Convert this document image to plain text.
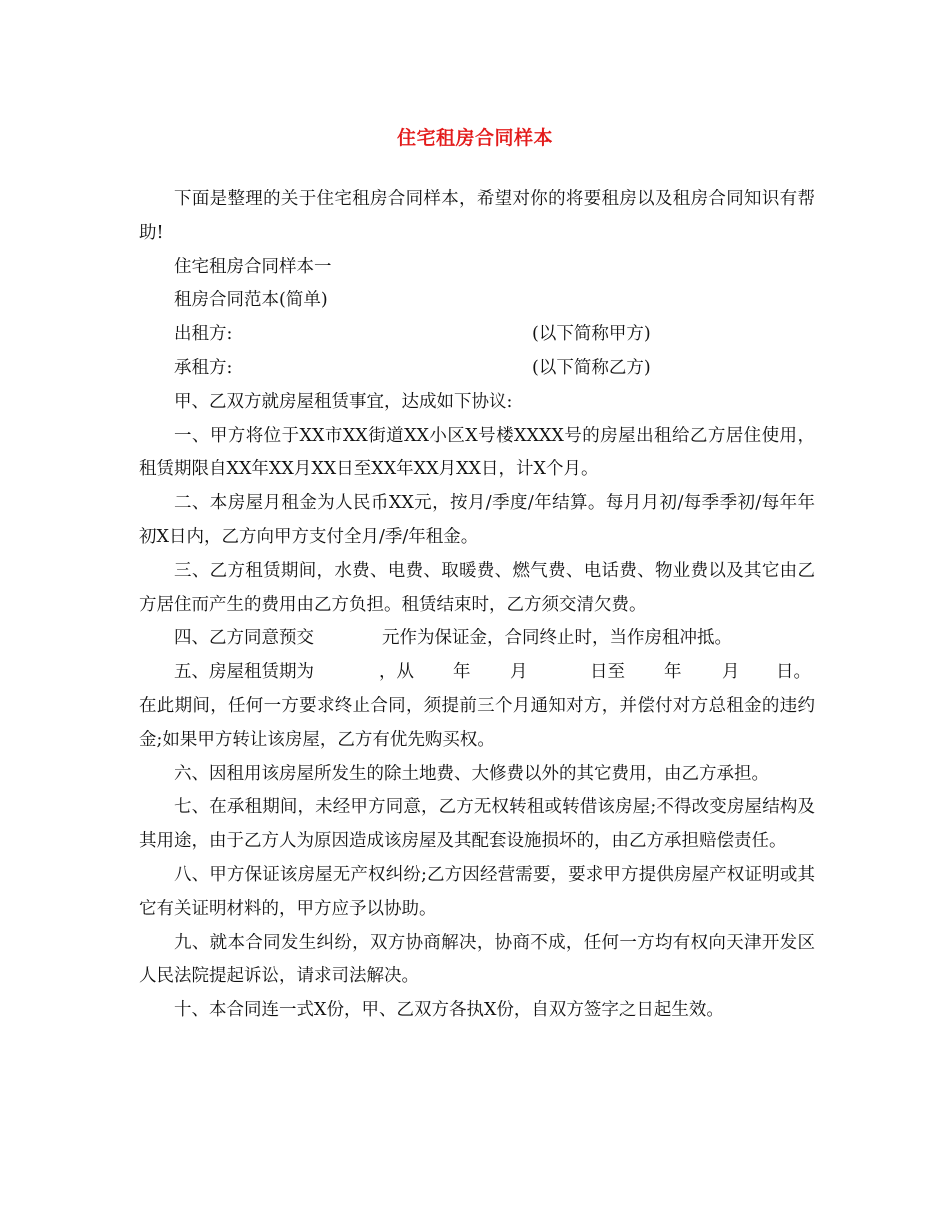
住宅租房合同样本

下面是整理的关于住宅租房合同样本，希望对你的将要租房以及租房合同知识有帮助!

住宅租房合同样本一

租房合同范本(简单)

出租方:	(以下简称甲方)
承租方:	(以下简称乙方)

甲、乙双方就房屋租赁事宜，达成如下协议:

一、甲方将位于XX市XX街道XX小区X号楼XXXX号的房屋出租给乙方居住使用，租赁期限自XX年XX月XX日至XX年XX月XX日，计X个月。

二、本房屋月租金为人民币XX元，按月/季度/年结算。每月月初/每季季初/每年年初X日内，乙方向甲方支付全月/季/年租金。

三、乙方租赁期间，水费、电费、取暖费、燃气费、电话费、物业费以及其它由乙方居住而产生的费用由乙方负担。租赁结束时，乙方须交清欠费。

四、乙方同意预交	元作为保证金，合同终止时，当作房租冲抵。
五、房屋租赁期为	，从 年 月	日至 年 月 日。

在此期间，任何一方要求终止合同，须提前三个月通知对方，并偿付对方总租金的违约金;如果甲方转让该房屋，乙方有优先购买权。

六、因租用该房屋所发生的除土地费、大修费以外的其它费用，由乙方承担。

七、在承租期间，未经甲方同意，乙方无权转租或转借该房屋;不得改变房屋结构及其用途，由于乙方人为原因造成该房屋及其配套设施损坏的，由乙方承担赔偿责任。

八、甲方保证该房屋无产权纠纷;乙方因经营需要，要求甲方提供房屋产权证明或其它有关证明材料的，甲方应予以协助。

九、就本合同发生纠纷，双方协商解决，协商不成，任何一方均有权向天津开发区人民法院提起诉讼，请求司法解决。

十、本合同连一式X份，甲、乙双方各执X份，自双方签字之日起生效。
